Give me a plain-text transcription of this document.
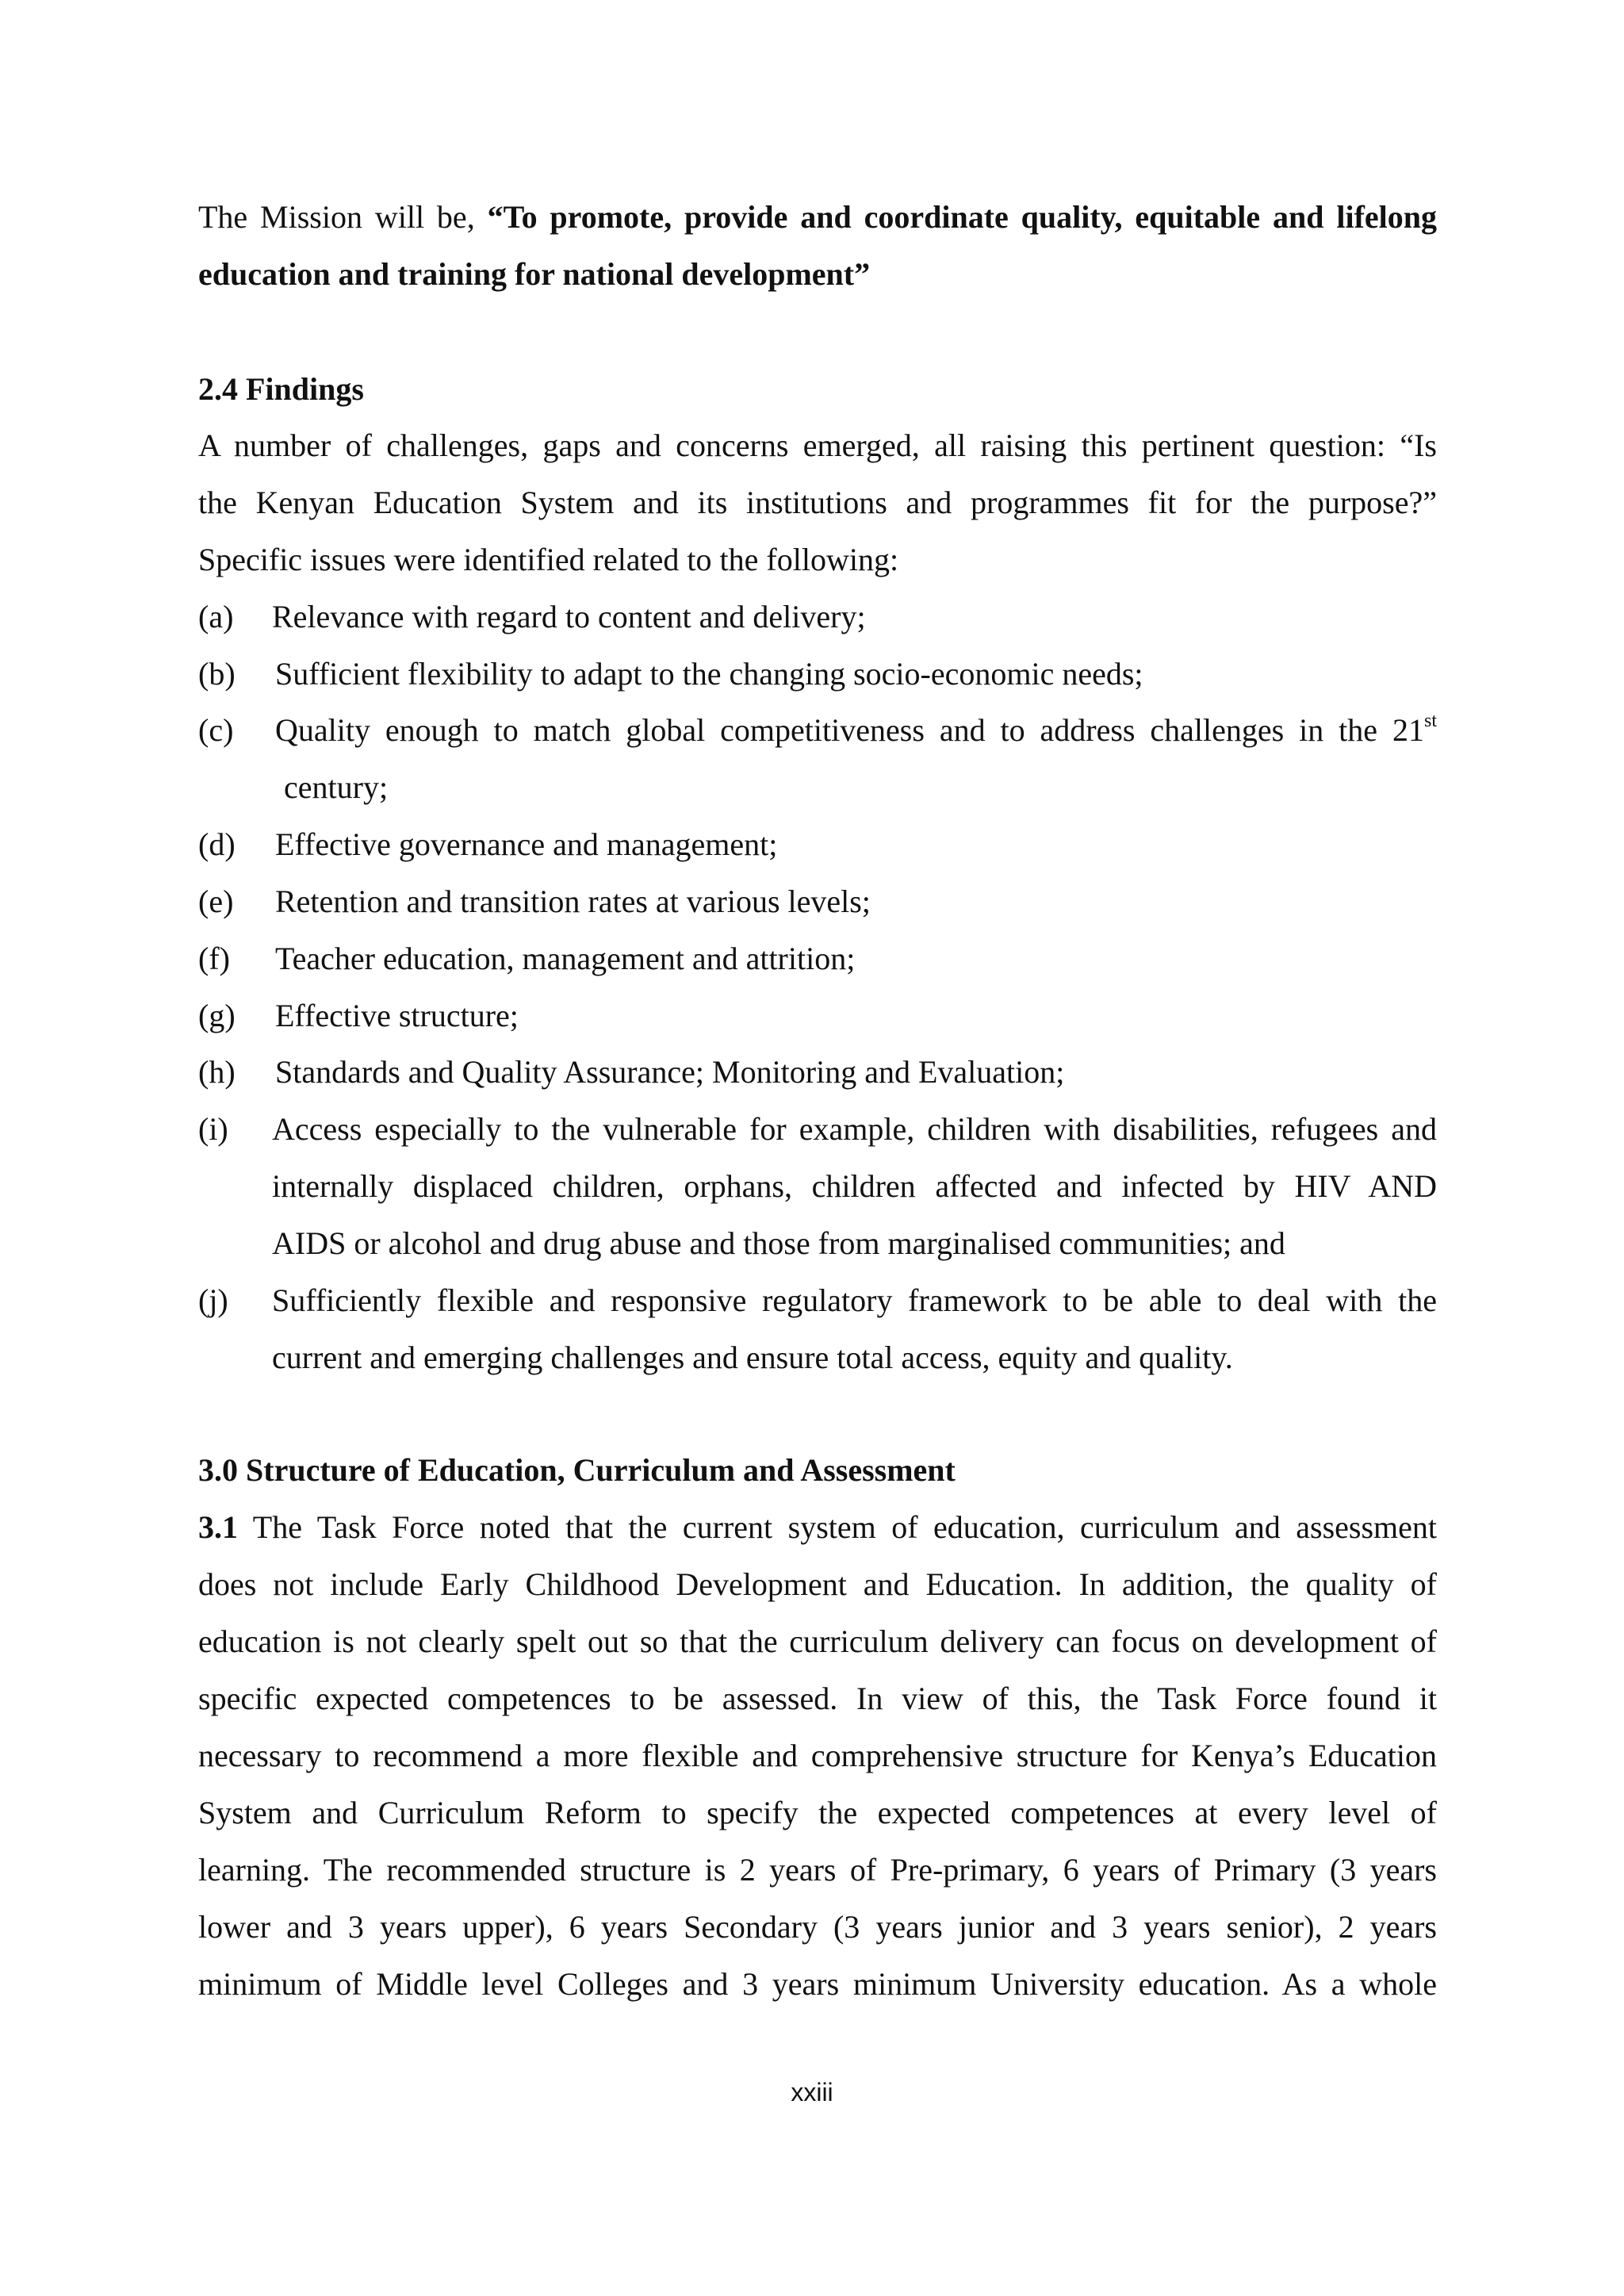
The Mission will be, “To promote, provide and coordinate quality, equitable and lifelong
education and training for national development”
2.4 Findings
A number of challenges, gaps and concerns emerged, all raising this pertinent question: “Is
the Kenyan Education System and its institutions and programmes fit for the purpose?”
Specific issues were identified related to the following:
(a) Relevance with regard to content and delivery;
(b) Sufficient flexibility to adapt to the changing socio-economic needs;
(c) Quality enough to match global competitiveness and to address challenges in the 21st
century;
(d) Effective governance and management;
(e) Retention and transition rates at various levels;
(f) Teacher education, management and attrition;
(g) Effective structure;
(h) Standards and Quality Assurance; Monitoring and Evaluation;
(i) Access especially to the vulnerable for example, children with disabilities, refugees and
internally displaced children, orphans, children affected and infected by HIV AND
AIDS or alcohol and drug abuse and those from marginalised communities; and
(j) Sufficiently flexible and responsive regulatory framework to be able to deal with the
current and emerging challenges and ensure total access, equity and quality.
3.0 Structure of Education, Curriculum and Assessment
3.1 The Task Force noted that the current system of education, curriculum and assessment
does not include Early Childhood Development and Education. In addition, the quality of
education is not clearly spelt out so that the curriculum delivery can focus on development of
specific expected competences to be assessed. In view of this, the Task Force found it
necessary to recommend a more flexible and comprehensive structure for Kenya’s Education
System and Curriculum Reform to specify the expected competences at every level of
learning. The recommended structure is 2 years of Pre-primary, 6 years of Primary (3 years
lower and 3 years upper), 6 years Secondary (3 years junior and 3 years senior), 2 years
minimum of Middle level Colleges and 3 years minimum University education. As a whole
xxiii
